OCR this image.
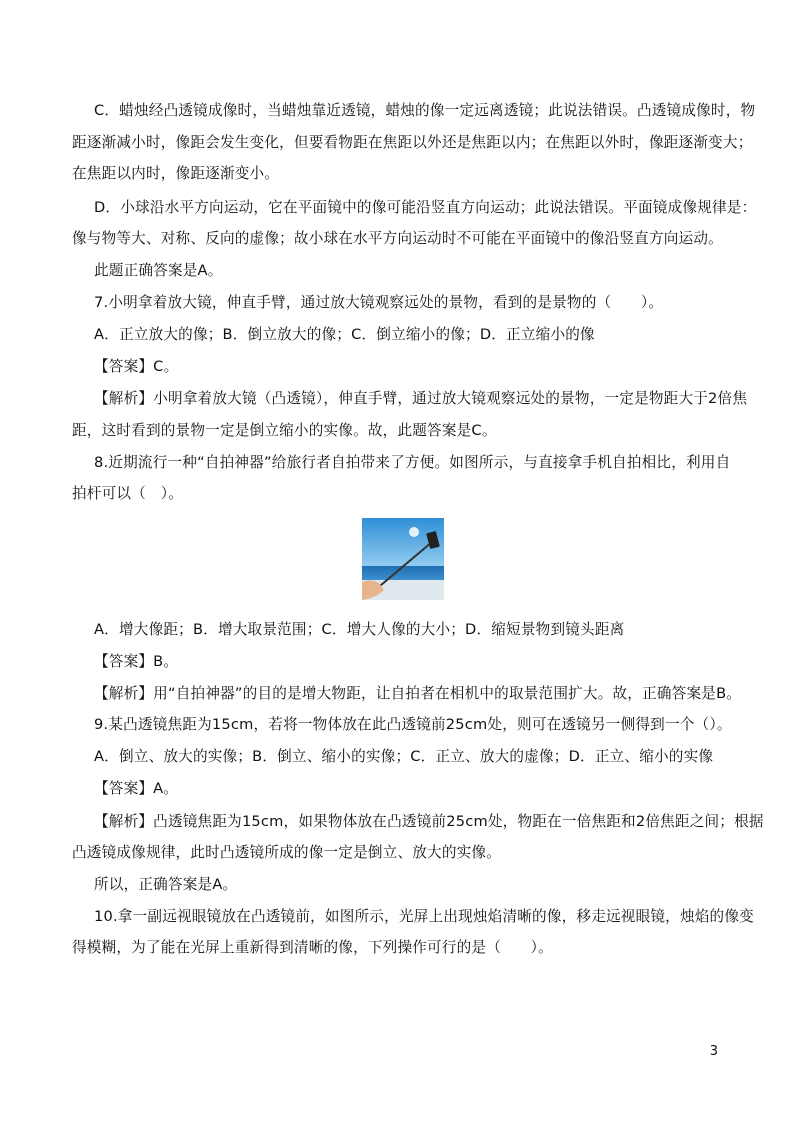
C．蜡烛经凸透镜成像时，当蜡烛靠近透镜，蜡烛的像一定远离透镜；此说法错误。凸透镜成像时，物
距逐渐减小时，像距会发生变化，但要看物距在焦距以外还是焦距以内；在焦距以外时，像距逐渐变大；
在焦距以内时，像距逐渐变小。
D．小球沿水平方向运动，它在平面镜中的像可能沿竖直方向运动；此说法错误。平面镜成像规律是：
像与物等大、对称、反向的虚像；故小球在水平方向运动时不可能在平面镜中的像沿竖直方向运动。
此题正确答案是A。
7.小明拿着放大镜，伸直手臂，通过放大镜观察远处的景物，看到的是景物的（　　）。
A．正立放大的像；B．倒立放大的像；C．倒立缩小的像；D．正立缩小的像
【答案】C。
【解析】小明拿着放大镜（凸透镜），伸直手臂，通过放大镜观察远处的景物，一定是物距大于2倍焦
距，这时看到的景物一定是倒立缩小的实像。故，此题答案是C。
8.近期流行一种“自拍神器”给旅行者自拍带来了方便。如图所示，与直接拿手机自拍相比，利用自
拍杆可以（　）。
A．增大像距；B．增大取景范围；C．增大人像的大小；D．缩短景物到镜头距离
【答案】B。
【解析】用“自拍神器”的目的是增大物距，让自拍者在相机中的取景范围扩大。故，正确答案是B。
9.某凸透镜焦距为15cm，若将一物体放在此凸透镜前25cm处，则可在透镜另一侧得到一个（）。
A．倒立、放大的实像；B．倒立、缩小的实像；C．正立、放大的虚像；D．正立、缩小的实像
【答案】A。
【解析】凸透镜焦距为15cm，如果物体放在凸透镜前25cm处，物距在一倍焦距和2倍焦距之间；根据
凸透镜成像规律，此时凸透镜所成的像一定是倒立、放大的实像。
所以，正确答案是A。
10.拿一副远视眼镜放在凸透镜前，如图所示，光屏上出现烛焰清晰的像，移走远视眼镜，烛焰的像变
得模糊，为了能在光屏上重新得到清晰的像，下列操作可行的是（　　）。
3
